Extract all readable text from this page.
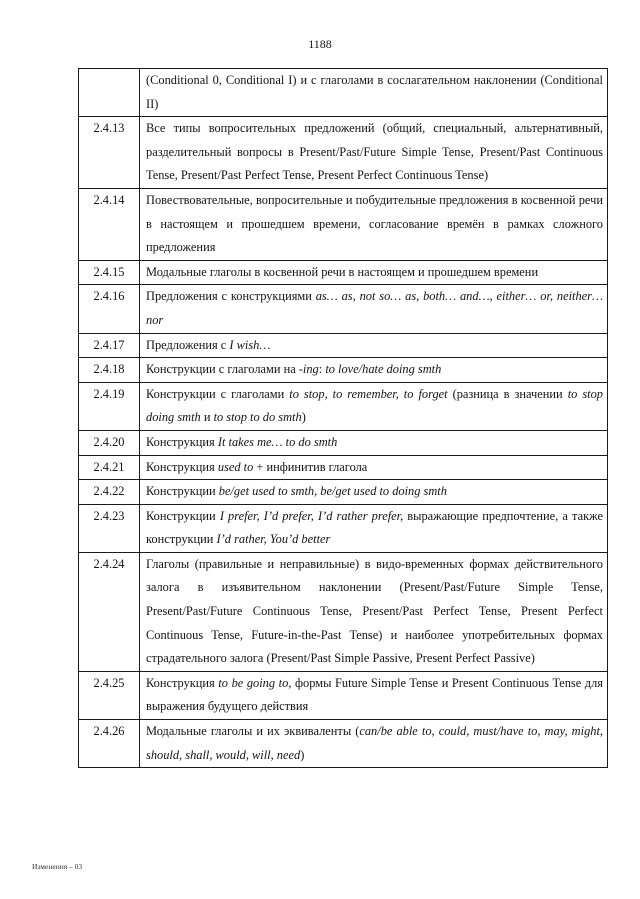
1188
	(Conditional 0, Conditional I) и с глаголами в сослагательном наклонении (Conditional II)
2.4.13	Все типы вопросительных предложений (общий, специальный, альтернативный, разделительный вопросы в Present/Past/Future Simple Tense, Present/Past Continuous Tense, Present/Past Perfect Tense, Present Perfect Continuous Tense)
2.4.14	Повествовательные, вопросительные и побудительные предложения в косвенной речи в настоящем и прошедшем времени, согласование времён в рамках сложного предложения
2.4.15	Модальные глаголы в косвенной речи в настоящем и прошедшем времени
2.4.16	Предложения с конструкциями as… as, not so… as, both… and…, either… or, neither… nor
2.4.17	Предложения с I wish…
2.4.18	Конструкции с глаголами на -ing: to love/hate doing smth
2.4.19	Конструкции с глаголами to stop, to remember, to forget (разница в значении to stop doing smth и to stop to do smth)
2.4.20	Конструкция It takes me… to do smth
2.4.21	Конструкция used to + инфинитив глагола
2.4.22	Конструкции be/get used to smth, be/get used to doing smth
2.4.23	Конструкции I prefer, I’d prefer, I’d rather prefer, выражающие предпочтение, а также конструкции I’d rather, You’d better
2.4.24	Глаголы (правильные и неправильные) в видо-временных формах действительного залога в изъявительном наклонении (Present/Past/Future Simple Tense, Present/Past/Future Continuous Tense, Present/Past Perfect Tense, Present Perfect Continuous Tense, Future-in-the-Past Tense) и наиболее употребительных формах страдательного залога (Present/Past Simple Passive, Present Perfect Passive)
2.4.25	Конструкция to be going to, формы Future Simple Tense и Present Continuous Tense для выражения будущего действия
2.4.26	Модальные глаголы и их эквиваленты (can/be able to, could, must/have to, may, might, should, shall, would, will, need)
Изменения – 03
